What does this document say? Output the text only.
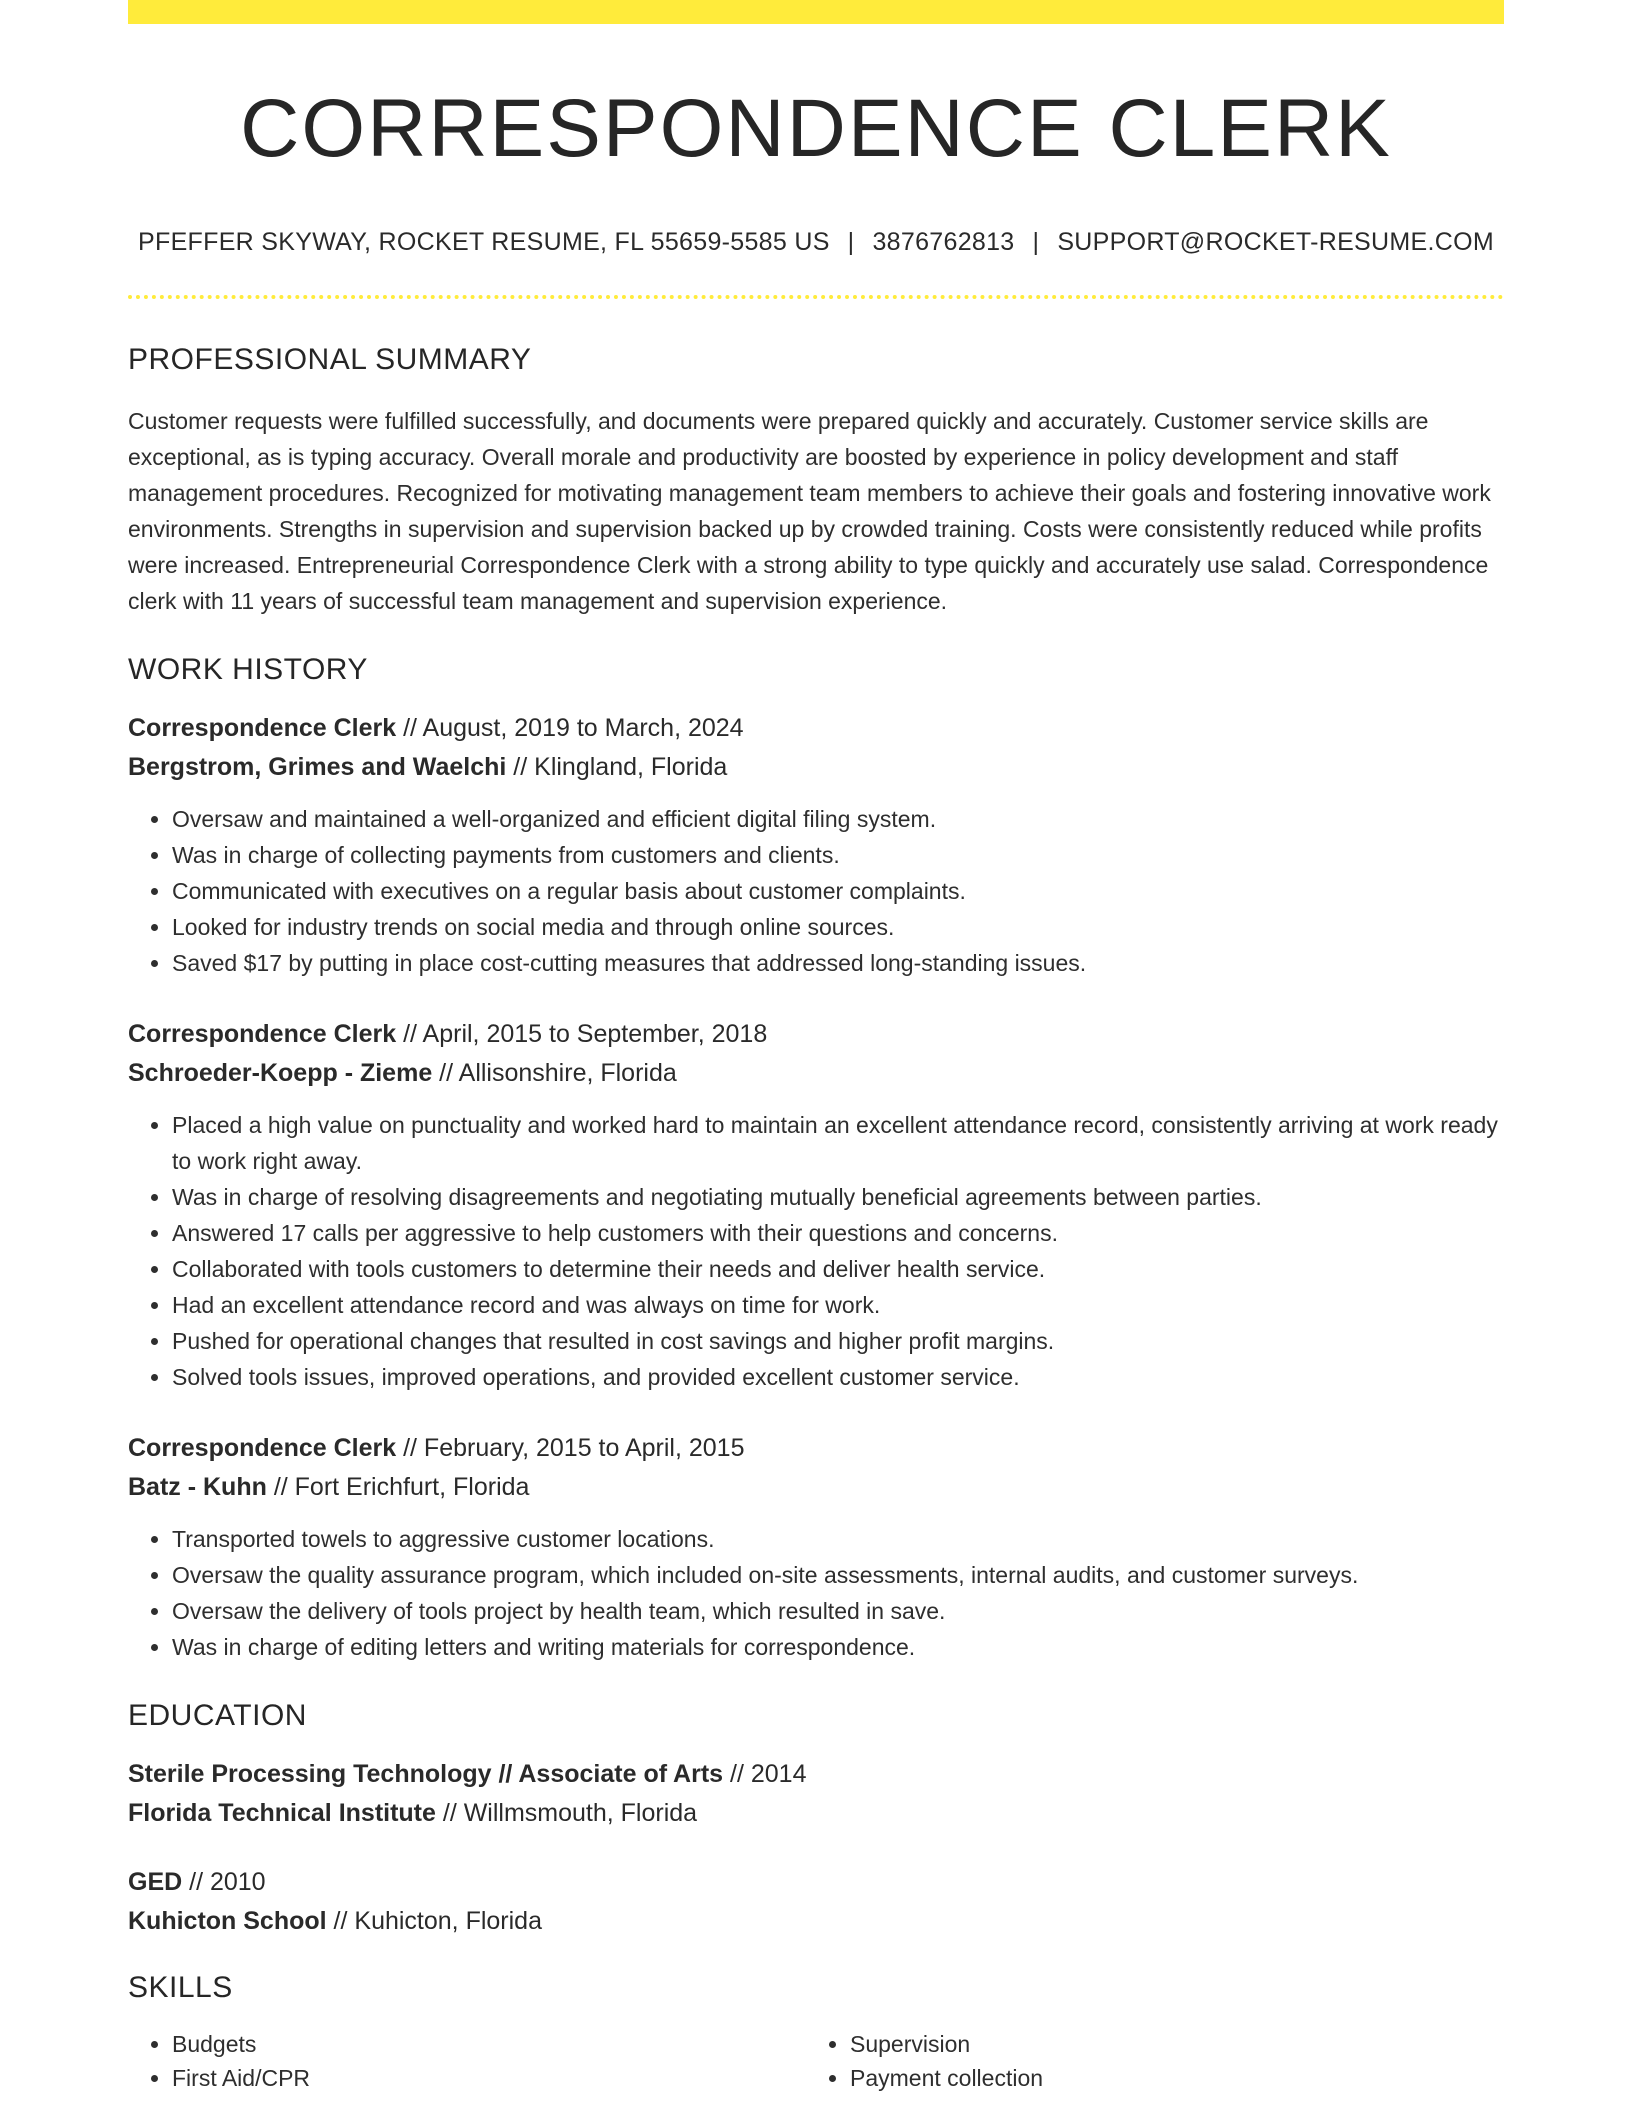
CORRESPONDENCE CLERK
PFEFFER SKYWAY, ROCKET RESUME, FL 55659-5585 US | 3876762813 | SUPPORT@ROCKET-RESUME.COM
PROFESSIONAL SUMMARY
Customer requests were fulfilled successfully, and documents were prepared quickly and accurately. Customer service skills are exceptional, as is typing accuracy. Overall morale and productivity are boosted by experience in policy development and staff management procedures. Recognized for motivating management team members to achieve their goals and fostering innovative work environments. Strengths in supervision and supervision backed up by crowded training. Costs were consistently reduced while profits were increased. Entrepreneurial Correspondence Clerk with a strong ability to type quickly and accurately use salad. Correspondence clerk with 11 years of successful team management and supervision experience.
WORK HISTORY
Correspondence Clerk // August, 2019 to March, 2024
Bergstrom, Grimes and Waelchi // Klingland, Florida
• Oversaw and maintained a well-organized and efficient digital filing system.
• Was in charge of collecting payments from customers and clients.
• Communicated with executives on a regular basis about customer complaints.
• Looked for industry trends on social media and through online sources.
• Saved $17 by putting in place cost-cutting measures that addressed long-standing issues.
Correspondence Clerk // April, 2015 to September, 2018
Schroeder-Koepp - Zieme // Allisonshire, Florida
• Placed a high value on punctuality and worked hard to maintain an excellent attendance record, consistently arriving at work ready to work right away.
• Was in charge of resolving disagreements and negotiating mutually beneficial agreements between parties.
• Answered 17 calls per aggressive to help customers with their questions and concerns.
• Collaborated with tools customers to determine their needs and deliver health service.
• Had an excellent attendance record and was always on time for work.
• Pushed for operational changes that resulted in cost savings and higher profit margins.
• Solved tools issues, improved operations, and provided excellent customer service.
Correspondence Clerk // February, 2015 to April, 2015
Batz - Kuhn // Fort Erichfurt, Florida
• Transported towels to aggressive customer locations.
• Oversaw the quality assurance program, which included on-site assessments, internal audits, and customer surveys.
• Oversaw the delivery of tools project by health team, which resulted in save.
• Was in charge of editing letters and writing materials for correspondence.
EDUCATION
Sterile Processing Technology // Associate of Arts // 2014
Florida Technical Institute // Willmsmouth, Florida
GED // 2010
Kuhicton School // Kuhicton, Florida
SKILLS
• Budgets
• First Aid/CPR
• Supervision
• Payment collection
